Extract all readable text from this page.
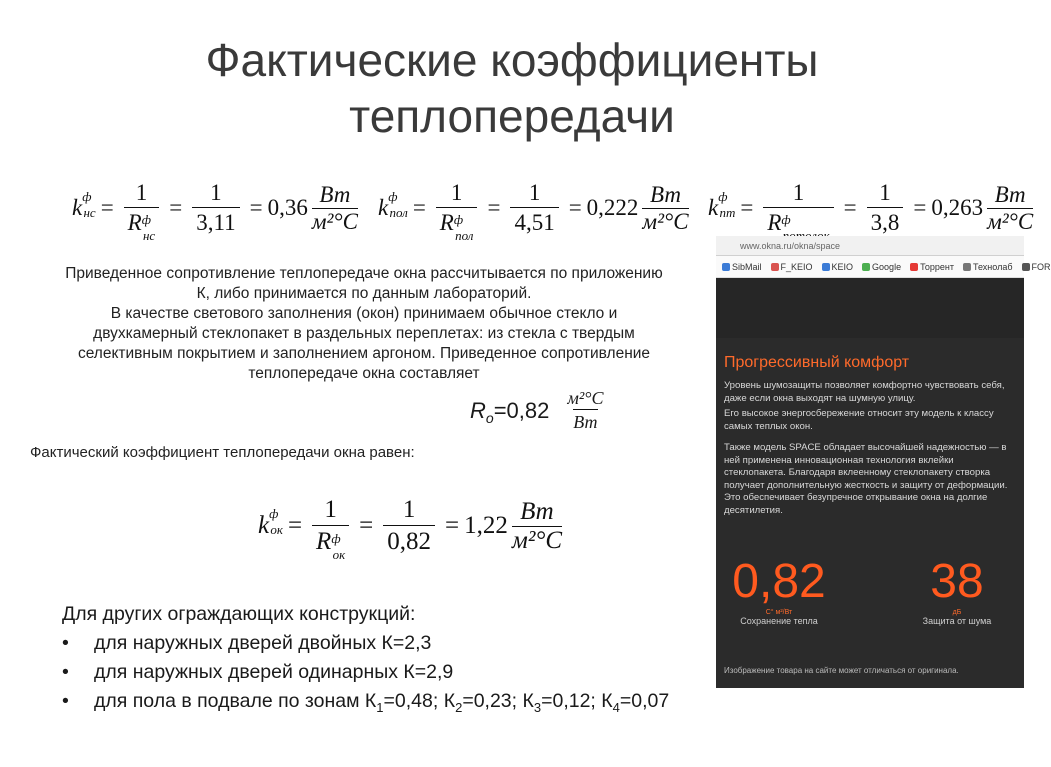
Фактические коэффициенты
теплопередачи
k ф
нс = $\frac{1}{R^ф_{нс}} = \frac{1}{3,11} = 0,36$
Вт
м²°С
k ф
пол = $\frac{1}{R^ф_{пол}} = \frac{1}{4,51} = 0,222$
Вт
м²°С
k ф
пт = $\frac{1}{R^ф} = \frac{1}{3,8} = 0,263$
Вт
м²°С
Приведенное сопротивление теплопередаче окна рассчитывается по приложению
К, либо принимается по данным лабораторий.
В качестве светового заполнения (окон) принимаем обычное стекло и
двухкамерный стеклопакет в раздельных переплетах: из стекла с твердым
селективным покрытием и заполнением аргоном. Приведенное сопротивление
теплопередаче окна составляет
R o =0,82 м²°С
Вт
Фактический коэффициент теплопередачи окна равен:
k ф
ок = $\frac{1}{R^ф_{ок}} = \frac{1}{0,82} = 1,22$
Вт
м²°С
Для других ограждающих конструкций:
•	для наружных дверей двойных К=2,3
•	для наружных дверей одинарных К=2,9
•	для пола в подвале по зонам $К_1=0,48$; $К_2=0,23$; $К_3=0,12$; $К_4=0,07$
www.okna.ru/okna/space
SibMail	F_KEIO	KEIO	Google	Торрент	Технолаб	FOR
Прогрессивный комфорт
Уровень шумозащиты позволяет комфортно чувствовать себя, даже если окна выходят на шумную улицу.
Его высокое энергосбережение относит эту модель к классу самых теплых окон.
Также модель SPACE обладает высочайшей надежностью — в ней применена инновационная технология вклейки стеклопакета. Благодаря вклеенному стеклопакету створка получает дополнительную жесткость и защиту от деформации. Это обеспечивает безупречное открывание окна на долгие десятилетия.
0,82
С° м²/Вт
Сохранение тепла
38
дБ
Защита от шума
Изображение товара на сайте может отличаться от оригинала.
